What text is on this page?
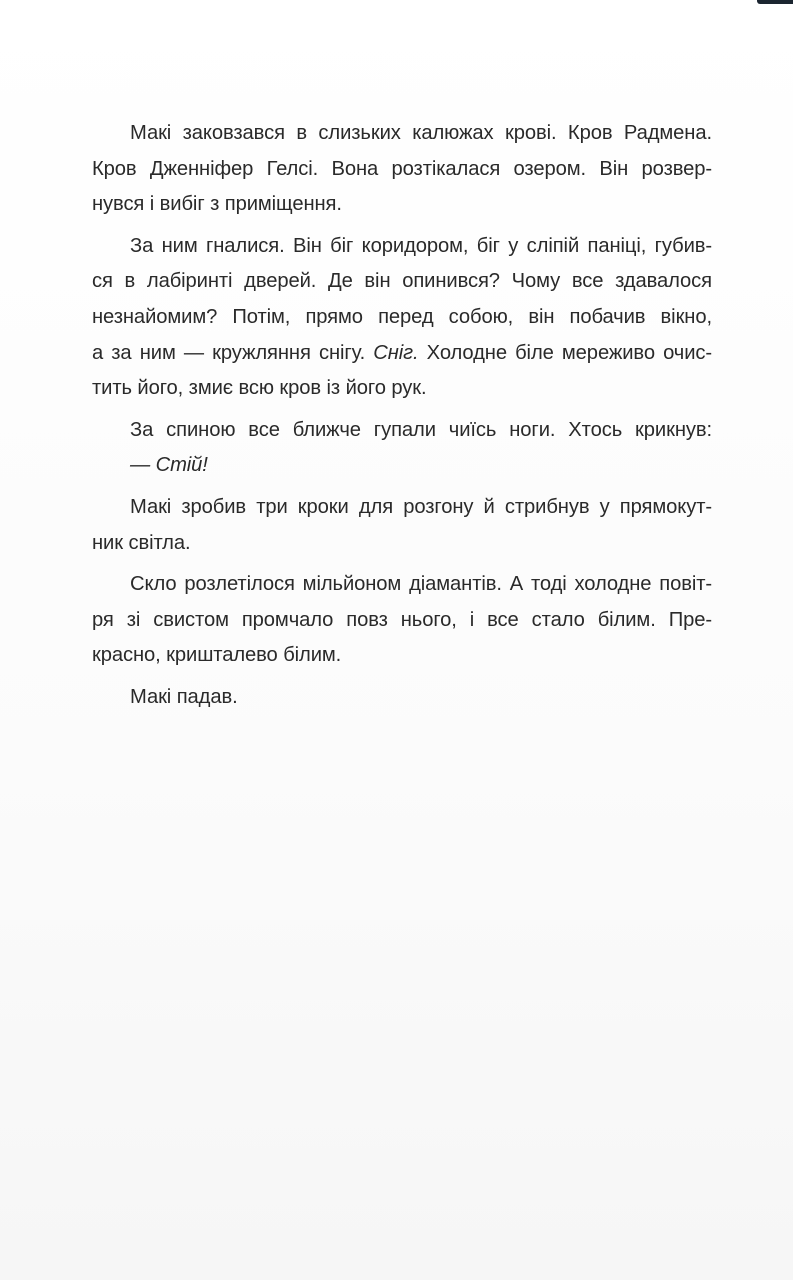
Макі заковзався в слизьких калюжах крові. Кров Радмена.
Кров Дженніфер Гелсі. Вона розтікалася озером. Він розвер-
нувся і вибіг з приміщення.
За ним гналися. Він біг коридором, біг у сліпій паніці, губив-
ся в лабіринті дверей. Де він опинився? Чому все здавалося
незнайомим? Потім, прямо перед собою, він побачив вікно,
а за ним — кружляння снігу. Сніг. Холодне біле мереживо очис-
тить його, змиє всю кров із його рук.
За спиною все ближче гупали чиїсь ноги. Хтось крикнув:
— Стій!
Макі зробив три кроки для розгону й стрибнув у прямокут-
ник світла.
Скло розлетілося мільйоном діамантів. А тоді холодне повіт-
ря зі свистом промчало повз нього, і все стало білим. Пре-
красно, кришталево білим.
Макі падав.
